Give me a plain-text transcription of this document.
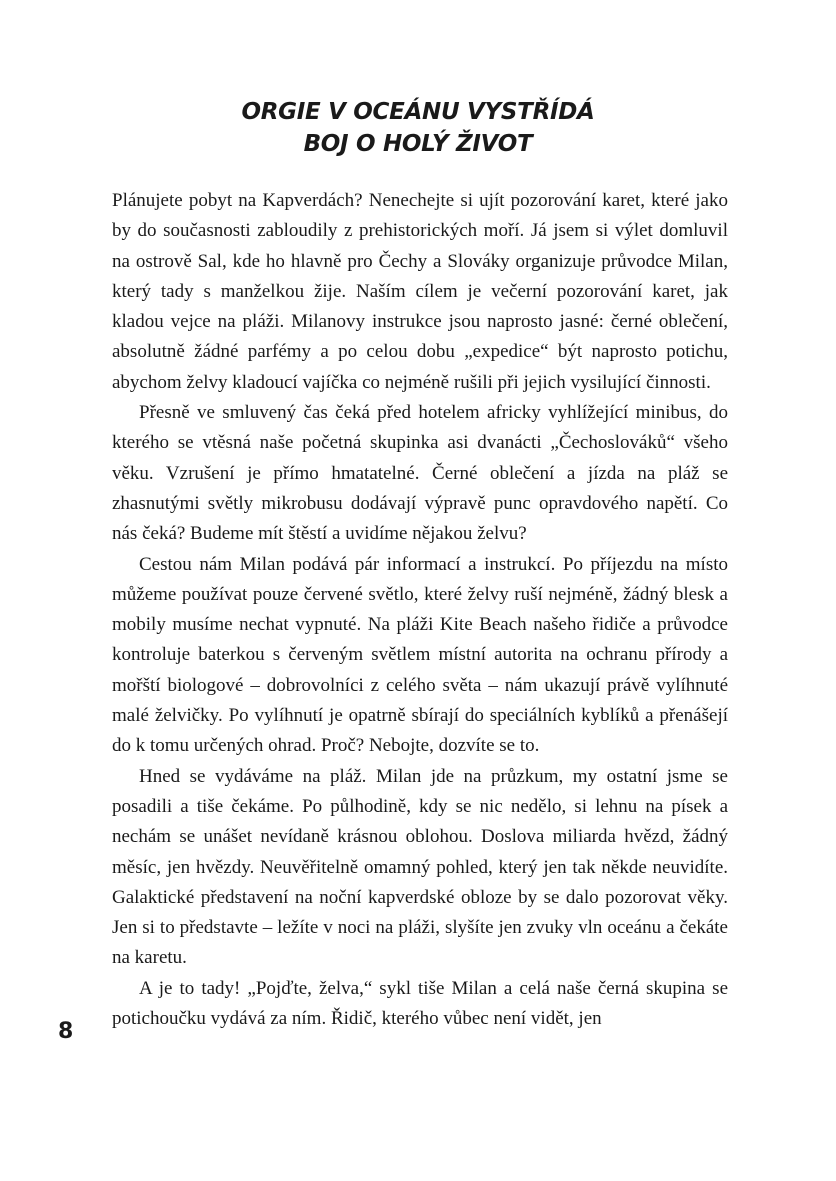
ORGIE V OCEÁNU VYSTŘÍDÁ
BOJ O HOLÝ ŽIVOT

Plánujete pobyt na Kapverdách? Nenechejte si ujít pozorování karet, které jako by do současnosti zabloudily z prehistorických moří. Já jsem si výlet domluvil na ostrově Sal, kde ho hlavně pro Čechy a Slováky organizuje průvodce Milan, který tady s manželkou žije. Naším cílem je večerní pozorování karet, jak kladou vejce na pláži. Milanovy instrukce jsou naprosto jasné: černé oblečení, absolutně žádné parfémy a po celou dobu „expedice“ být naprosto potichu, abychom želvy kladoucí vajíčka co nejméně rušili při jejich vysilující činnosti.

Přesně ve smluvený čas čeká před hotelem africky vyhlížející minibus, do kterého se vtěsná naše početná skupinka asi dvanácti „Čechoslováků“ všeho věku. Vzrušení je přímo hmatatelné. Černé oblečení a jízda na pláž se zhasnutými světly mikrobusu dodávají výpravě punc opravdového napětí. Co nás čeká? Budeme mít štěstí a uvidíme nějakou želvu?

Cestou nám Milan podává pár informací a instrukcí. Po příjezdu na místo můžeme používat pouze červené světlo, které želvy ruší nejméně, žádný blesk a mobily musíme nechat vypnuté. Na pláži Kite Beach našeho řidiče a průvodce kontroluje baterkou s červeným světlem místní autorita na ochranu přírody a mořští biologové – dobrovolníci z celého světa – nám ukazují právě vylíhnuté malé želvičky. Po vylíhnutí je opatrně sbírají do speciálních kyblíků a přenášejí do k tomu určených ohrad. Proč? Nebojte, dozvíte se to.

Hned se vydáváme na pláž. Milan jde na průzkum, my ostatní jsme se posadili a tiše čekáme. Po půlhodině, kdy se nic nedělo, si lehnu na písek a nechám se unášet nevídaně krásnou oblohou. Doslova miliarda hvězd, žádný měsíc, jen hvězdy. Neuvěřitelně omamný pohled, který jen tak někde neuvidíte. Galaktické představení na noční kapverdské obloze by se dalo pozorovat věky. Jen si to představte – ležíte v noci na pláži, slyšíte jen zvuky vln oceánu a čekáte na karetu.

A je to tady! „Pojďte, želva,“ sykl tiše Milan a celá naše černá skupina se potichoučku vydává za ním. Řidič, kterého vůbec není vidět, jen

8
